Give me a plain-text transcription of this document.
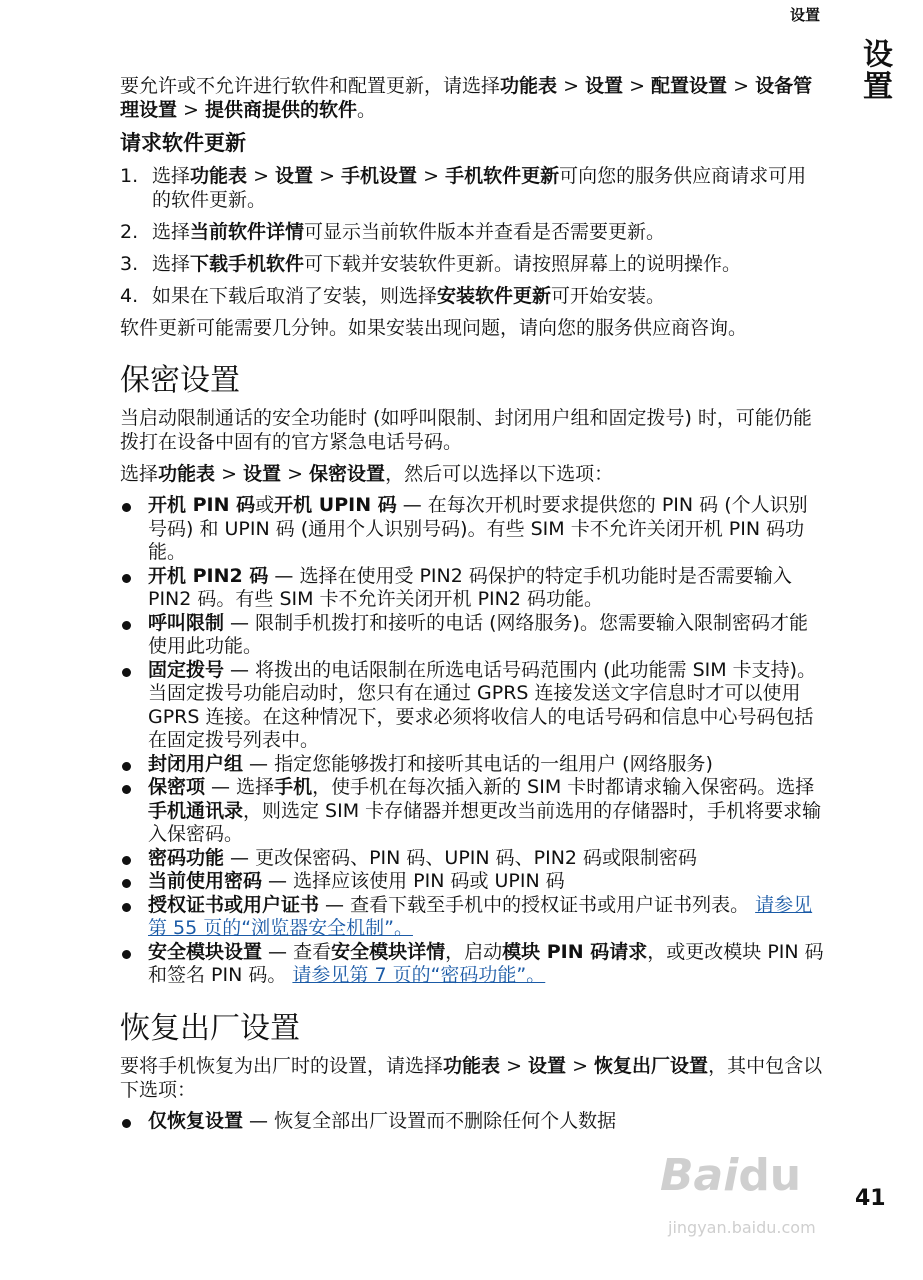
设置
设置

要允许或不允许进行软件和配置更新，请选择功能表 > 设置 > 配置设置 > 设备管理设置 > 提供商提供的软件。

请求软件更新
1. 选择功能表 > 设置 > 手机设置 > 手机软件更新可向您的服务供应商请求可用的软件更新。
2. 选择当前软件详情可显示当前软件版本并查看是否需要更新。
3. 选择下载手机软件可下载并安装软件更新。请按照屏幕上的说明操作。
4. 如果在下载后取消了安装，则选择安装软件更新可开始安装。

软件更新可能需要几分钟。如果安装出现问题，请向您的服务供应商咨询。

保密设置

当启动限制通话的安全功能时 (如呼叫限制、封闭用户组和固定拨号) 时，可能仍能拨打在设备中固有的官方紧急电话号码。

选择功能表 > 设置 > 保密设置，然后可以选择以下选项：

开机 PIN 码或开机 UPIN 码 — 在每次开机时要求提供您的 PIN 码 (个人识别号码) 和 UPIN 码 (通用个人识别号码)。有些 SIM 卡不允许关闭开机 PIN 码功能。
开机 PIN2 码 — 选择在使用受 PIN2 码保护的特定手机功能时是否需要输入 PIN2 码。有些 SIM 卡不允许关闭开机 PIN2 码功能。
呼叫限制 — 限制手机拨打和接听的电话 (网络服务)。您需要输入限制密码才能使用此功能。
固定拨号 — 将拨出的电话限制在所选电话号码范围内 (此功能需 SIM 卡支持)。当固定拨号功能启动时，您只有在通过 GPRS 连接发送文字信息时才可以使用 GPRS 连接。在这种情况下，要求必须将收信人的电话号码和信息中心号码包括在固定拨号列表中。
封闭用户组 — 指定您能够拨打和接听其电话的一组用户 (网络服务)
保密项 — 选择手机，使手机在每次插入新的 SIM 卡时都请求输入保密码。选择手机通讯录，则选定 SIM 卡存储器并想更改当前选用的存储器时，手机将要求输入保密码。
密码功能 — 更改保密码、PIN 码、UPIN 码、PIN2 码或限制密码
当前使用密码 — 选择应该使用 PIN 码或 UPIN 码
授权证书或用户证书 — 查看下载至手机中的授权证书或用户证书列表。 请参见第 55 页的“浏览器安全机制”。
安全模块设置 — 查看安全模块详情，启动模块 PIN 码请求，或更改模块 PIN 码和签名 PIN 码。 请参见第 7 页的“密码功能”。
恢复出厂设置

要将手机恢复为出厂时的设置，请选择功能表 > 设置 > 恢复出厂设置，其中包含以下选项：

仅恢复设置 — 恢复全部出厂设置而不删除任何个人数据
Baidu
jingyan.baidu.com
41
